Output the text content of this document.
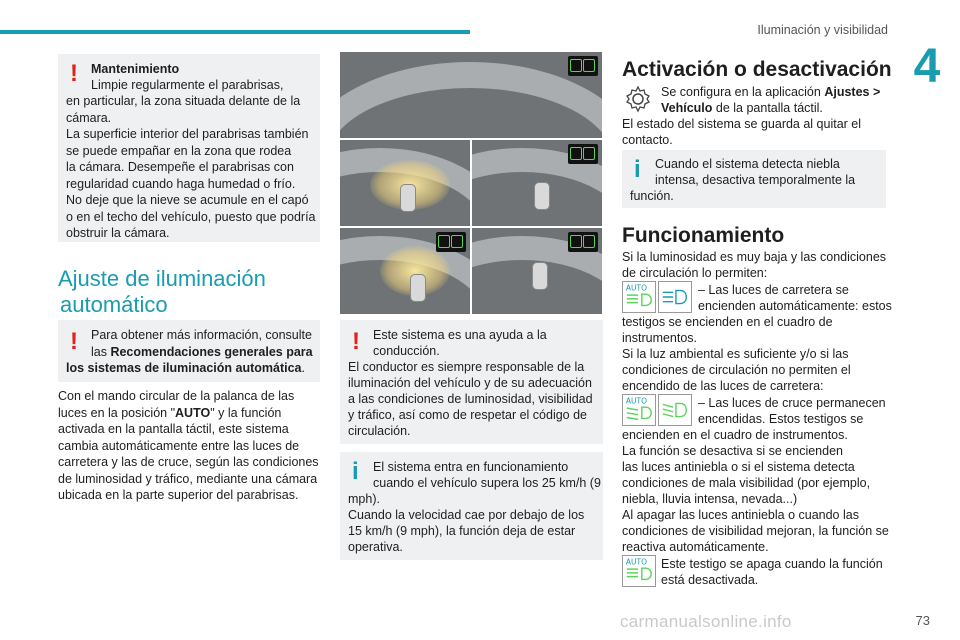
Iluminación y visibilidad
4
! Mantenimiento
Limpie regularmente el parabrisas,
en particular, la zona situada delante de la
cámara.
La superficie interior del parabrisas también
se puede empañar en la zona que rodea
la cámara. Desempeñe el parabrisas con
regularidad cuando haga humedad o frío.
No deje que la nieve se acumule en el capó
o en el techo del vehículo, puesto que podría
obstruir la cámara.
Ajuste de iluminación
automático
! Para obtener más información, consulte
las Recomendaciones generales para
los sistemas de iluminación automática.
Con el mando circular de la palanca de las
luces en la posición "AUTO" y la función
activada en la pantalla táctil, este sistema
cambia automáticamente entre las luces de
carretera y las de cruce, según las condiciones
de luminosidad y tráfico, mediante una cámara
ubicada en la parte superior del parabrisas.
! Este sistema es una ayuda a la
conducción.
El conductor es siempre responsable de la
iluminación del vehículo y de su adecuación
a las condiciones de luminosidad, visibilidad
y tráfico, así como de respetar el código de
circulación.
i El sistema entra en funcionamiento
cuando el vehículo supera los 25 km/h (9
mph).
Cuando la velocidad cae por debajo de los
15 km/h (9 mph), la función deja de estar
operativa.
Activación o desactivación
Se configura en la aplicación Ajustes >
Vehículo de la pantalla táctil.
El estado del sistema se guarda al quitar el
contacto.
i Cuando el sistema detecta niebla
intensa, desactiva temporalmente la
función.
Funcionamiento
Si la luminosidad es muy baja y las condiciones
de circulación lo permiten:
AUTO	– Las luces de carretera se
encienden automáticamente: estos
testigos se encienden en el cuadro de
instrumentos.
Si la luz ambiental es suficiente y/o si las
condiciones de circulación no permiten el
encendido de las luces de carretera:
AUTO	– Las luces de cruce permanecen
encendidas. Estos testigos se
encienden en el cuadro de instrumentos.
La función se desactiva si se encienden
las luces antiniebla o si el sistema detecta
condiciones de mala visibilidad (por ejemplo,
niebla, lluvia intensa, nevada...)
Al apagar las luces antiniebla o cuando las
condiciones de visibilidad mejoran, la función se
reactiva automáticamente.
AUTO Este testigo se apaga cuando la función
está desactivada.
carmanualsonline.info	73
